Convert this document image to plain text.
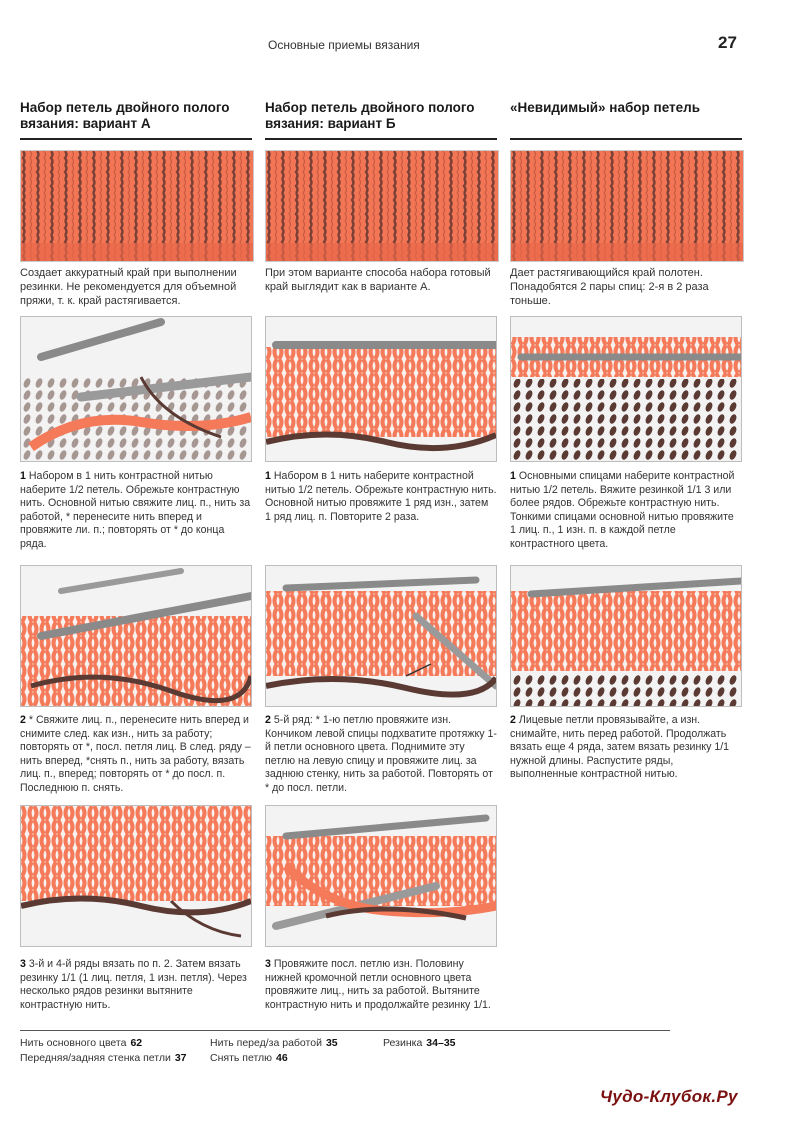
Основные приемы вязания	27
Набор петель двойного полого вязания: вариант А
Создает аккуратный край при выполнении резинки. Не рекомендуется для объемной пряжи, т. к. край растягивается.
1 Набором в 1 нить контрастной нитью наберите 1/2 петель. Обрежьте контрастную нить. Основной нитью свяжите лиц. п., нить за работой, * перенесите нить вперед и провяжите ли. п.; повторять от * до конца ряда.
2 * Свяжите лиц. п., перенесите нить вперед и снимите след. как изн., нить за работу; повторять от *, посл. петля лиц. В след. ряду – нить вперед, *снять п., нить за работу, вязать лиц. п., вперед; повторять от * до посл. п. Последнюю п. снять.
3 3-й и 4-й ряды вязать по п. 2. Затем вязать резинку 1/1 (1 лиц. петля, 1 изн. петля). Через несколько рядов резинки вытяните контрастную нить.
Набор петель двойного полого вязания: вариант Б
При этом варианте способа набора готовый край выглядит как в варианте А.
1 Набором в 1 нить наберите контрастной нитью 1/2 петель. Обрежьте контрастную нить. Основной нитью провяжите 1 ряд изн., затем 1 ряд лиц. п. Повторите 2 раза.
2 5-й ряд: * 1-ю петлю провяжите изн. Кончиком левой спицы подхватите протяжку 1-й петли основного цвета. Поднимите эту петлю на левую спицу и провяжите лиц. за заднюю стенку, нить за работой. Повторять от * до посл. петли.
3 Провяжите посл. петлю изн. Половину нижней кромочной петли основного цвета провяжите лиц., нить за работой. Вытяните контрастную нить и продолжайте резинку 1/1.
«Невидимый» набор петель
Дает растягивающийся край полотен. Понадобятся 2 пары спиц: 2-я в 2 раза тоньше.
1 Основными спицами наберите контрастной нитью 1/2 петель. Вяжите резинкой 1/1 3 или более рядов. Обрежьте контрастную нить. Тонкими спицами основной нитью провяжите 1 лиц. п., 1 изн. п. в каждой петле контрастного цвета.
2 Лицевые петли провязывайте, а изн. снимайте, нить перед работой. Продолжать вязать еще 4 ряда, затем вязать резинку 1/1 нужной длины. Распустите ряды, выполненные контрастной нитью.
Нить основного цвета 62
Передняя/задняя стенка петли 37
Нить перед/за работой 35
Снять петлю 46
Резинка 34–35
Чудо-Клубок.Ру
